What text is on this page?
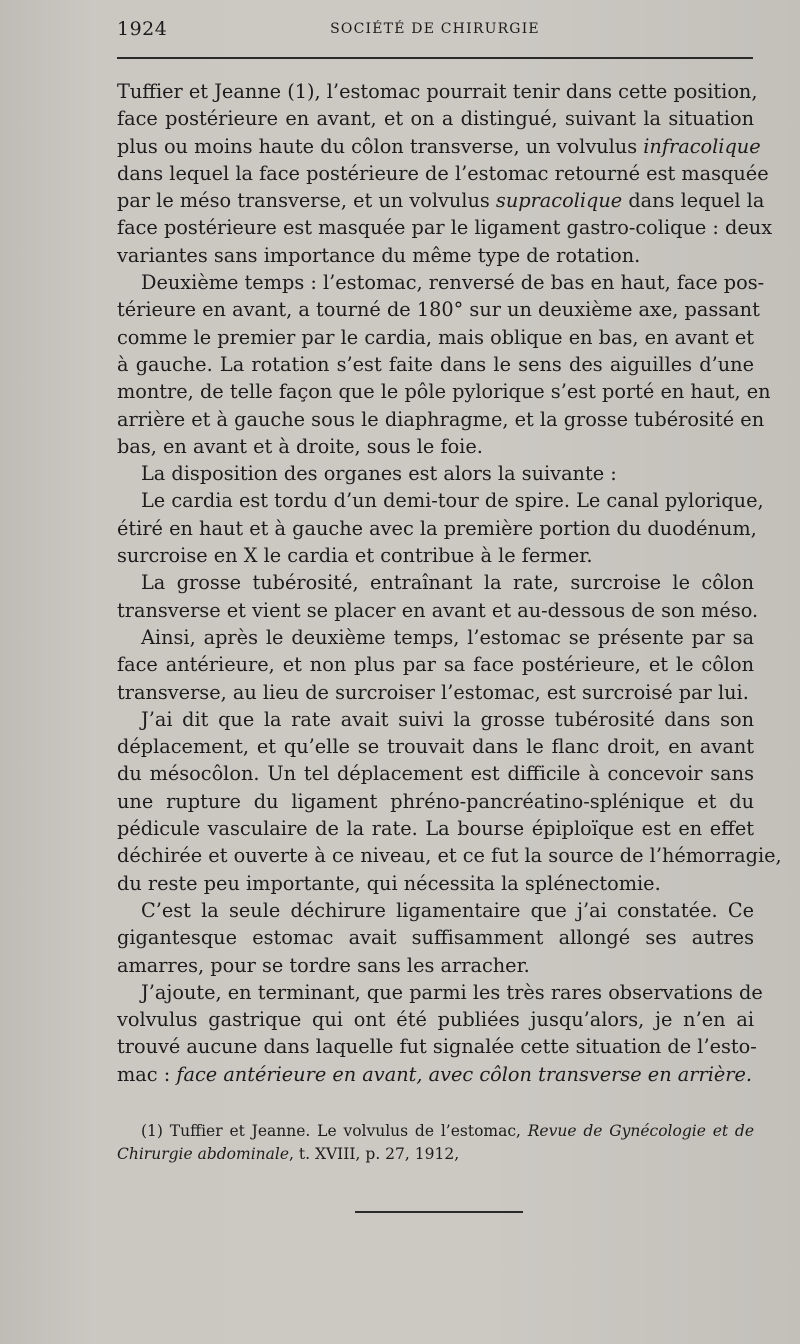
1924	SOCIÉTÉ DE CHIRURGIE
Tuffier et Jeanne (1), l’estomac pourrait tenir dans cette position,
face postérieure en avant, et on a distingué, suivant la situation
plus ou moins haute du côlon transverse, un volvulus infracolique
dans lequel la face postérieure de l’estomac retourné est masquée
par le méso transverse, et un volvulus supracolique dans lequel la
face postérieure est masquée par le ligament gastro-colique : deux
variantes sans importance du même type de rotation.
Deuxième temps : l’estomac, renversé de bas en haut, face pos-
térieure en avant, a tourné de 180° sur un deuxième axe, passant
comme le premier par le cardia, mais oblique en bas, en avant et
à gauche. La rotation s’est faite dans le sens des aiguilles d’une
montre, de telle façon que le pôle pylorique s’est porté en haut, en
arrière et à gauche sous le diaphragme, et la grosse tubérosité en
bas, en avant et à droite, sous le foie.
La disposition des organes est alors la suivante :
Le cardia est tordu d’un demi-tour de spire. Le canal pylorique,
étiré en haut et à gauche avec la première portion du duodénum,
surcroise en X le cardia et contribue à le fermer.
La grosse tubérosité, entraînant la rate, surcroise le côlon
transverse et vient se placer en avant et au-dessous de son méso.
Ainsi, après le deuxième temps, l’estomac se présente par sa
face antérieure, et non plus par sa face postérieure, et le côlon
transverse, au lieu de surcroiser l’estomac, est surcroisé par lui.
J’ai dit que la rate avait suivi la grosse tubérosité dans son
déplacement, et qu’elle se trouvait dans le flanc droit, en avant
du mésocôlon. Un tel déplacement est difficile à concevoir sans
une rupture du ligament phréno-pancréatino-splénique et du
pédicule vasculaire de la rate. La bourse épiploïque est en effet
déchirée et ouverte à ce niveau, et ce fut la source de l’hémorragie,
du reste peu importante, qui nécessita la splénectomie.
C’est la seule déchirure ligamentaire que j’ai constatée. Ce
gigantesque estomac avait suffisamment allongé ses autres
amarres, pour se tordre sans les arracher.
J’ajoute, en terminant, que parmi les très rares observations de
volvulus gastrique qui ont été publiées jusqu’alors, je n’en ai
trouvé aucune dans laquelle fut signalée cette situation de l’esto-
mac : face antérieure en avant, avec côlon transverse en arrière.
(1) Tuffier et Jeanne. Le volvulus de l’estomac, Revue de Gynécologie et de
Chirurgie abdominale, t. XVIII, p. 27, 1912,
